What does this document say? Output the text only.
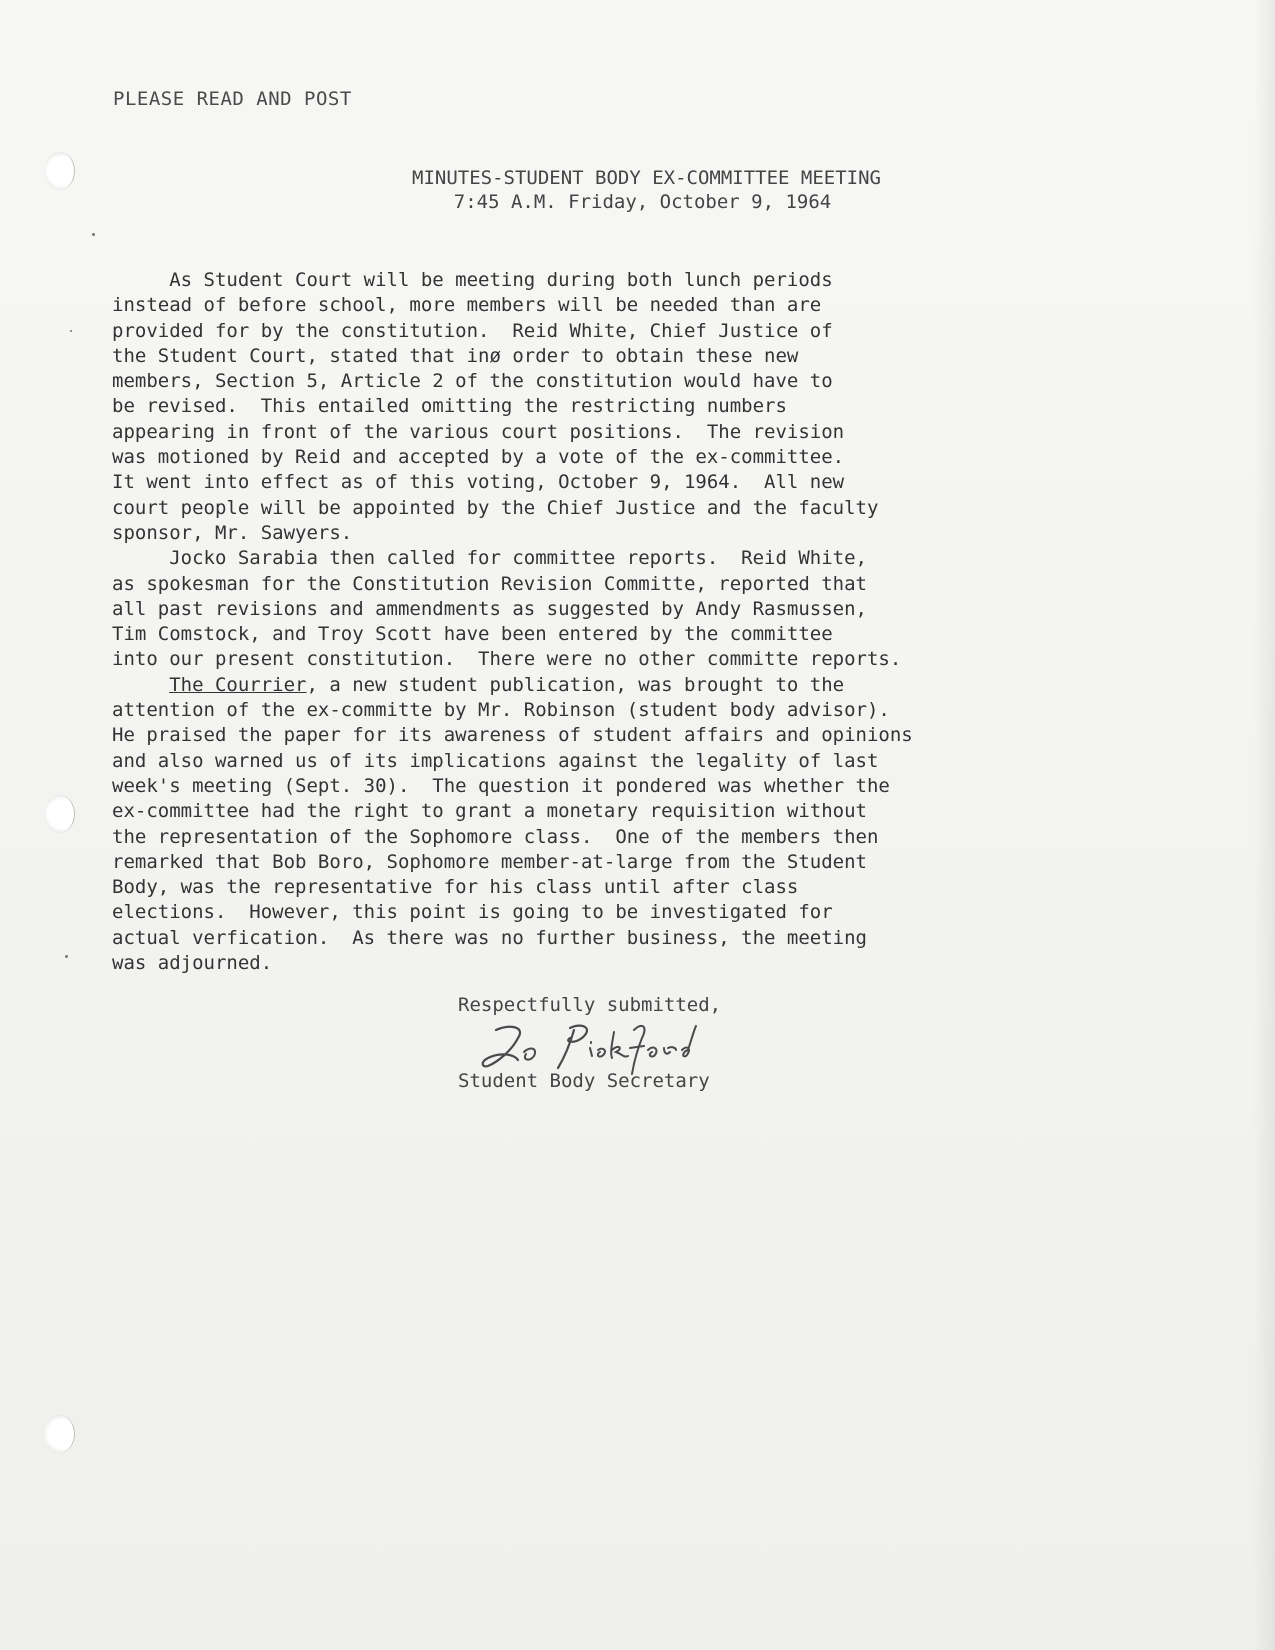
PLEASE READ AND POST
MINUTES-STUDENT BODY EX-COMMITTEE MEETING
7:45 A.M. Friday, October 9, 1964
As Student Court will be meeting during both lunch periods
instead of before school, more members will be needed than are
provided for by the constitution.  Reid White, Chief Justice of
the Student Court, stated that inø order to obtain these new
members, Section 5, Article 2 of the constitution would have to
be revised.  This entailed omitting the restricting numbers
appearing in front of the various court positions.  The revision
was motioned by Reid and accepted by a vote of the ex-committee.
It went into effect as of this voting, October 9, 1964.  All new
court people will be appointed by the Chief Justice and the faculty
sponsor, Mr. Sawyers.
Jocko Sarabia then called for committee reports.  Reid White,
as spokesman for the Constitution Revision Committe, reported that
all past revisions and ammendments as suggested by Andy Rasmussen,
Tim Comstock, and Troy Scott have been entered by the committee
into our present constitution.  There were no other committe reports.
The Courrier, a new student publication, was brought to the
attention of the ex-committe by Mr. Robinson (student body advisor).
He praised the paper for its awareness of student affairs and opinions
and also warned us of its implications against the legality of last
week's meeting (Sept. 30).  The question it pondered was whether the
ex-committee had the right to grant a monetary requisition without
the representation of the Sophomore class.  One of the members then
remarked that Bob Boro, Sophomore member-at-large from the Student
Body, was the representative for his class until after class
elections.  However, this point is going to be investigated for
actual verfication.  As there was no further business, the meeting
was adjourned.
Respectfully submitted,
Student Body Secretary
